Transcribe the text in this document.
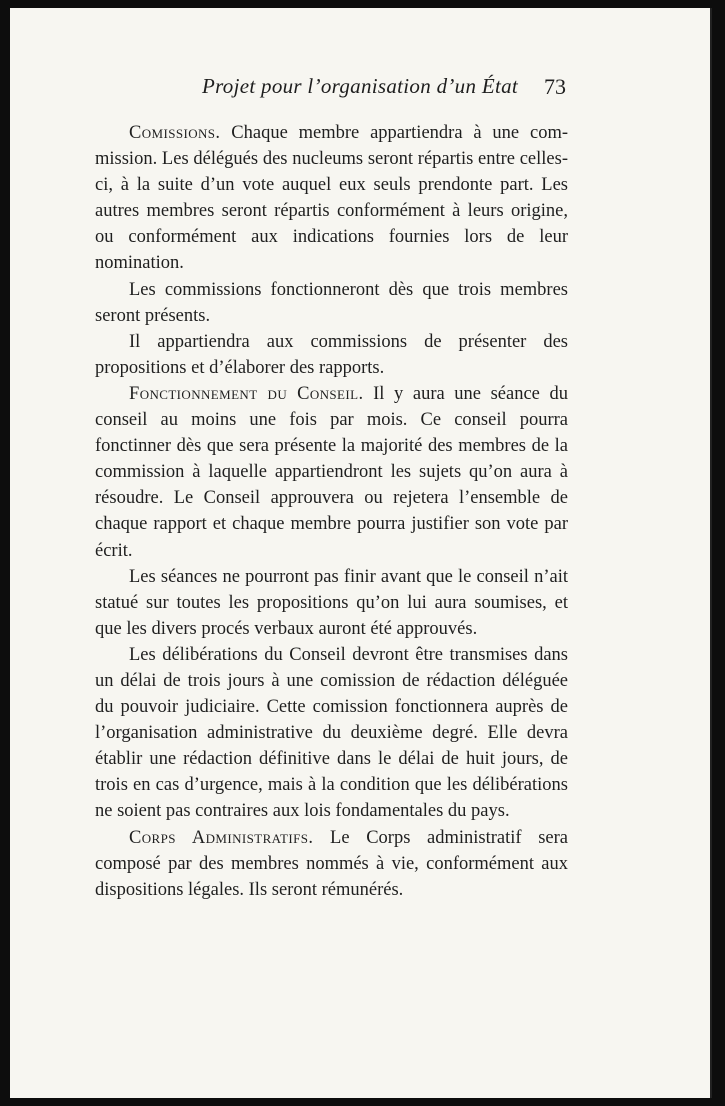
Projet pour l’organisation d’un État	73

Comissions. Chaque membre appartiendra à une commission. Les délégués des nucleums seront répartis entre celles-ci, à la suite d’un vote auquel eux seuls prendonte part. Les autres membres seront répartis conformément à leurs origine, ou conformément aux indications fournies lors de leur nomination.

Les commissions fonctionneront dès que trois membres seront présents.

Il appartiendra aux commissions de présenter des propositions et d’élaborer des rapports.

Fonctionnement du Conseil. Il y aura une séance du conseil au moins une fois par mois. Ce conseil pourra fonctinner dès que sera présente la majorité des membres de la commission à laquelle appartiendront les sujets qu’on aura à résoudre. Le Conseil approuvera ou rejetera l’ensemble de chaque rapport et chaque membre pourra justifier son vote par écrit.

Les séances ne pourront pas finir avant que le conseil n’ait statué sur toutes les propositions qu’on lui aura soumises, et que les divers procés verbaux auront été approuvés.

Les délibérations du Conseil devront être transmises dans un délai de trois jours à une comission de rédaction déléguée du pouvoir judiciaire. Cette comission fonctionnera auprès de l’organisation administrative du deuxième degré. Elle devra établir une rédaction définitive dans le délai de huit jours, de trois en cas d’urgence, mais à la condition que les délibérations ne soient pas contraires aux lois fondamentales du pays.

Corps Administratifs. Le Corps administratif sera composé par des membres nommés à vie, conformément aux dispositions légales. Ils seront rémunérés.
